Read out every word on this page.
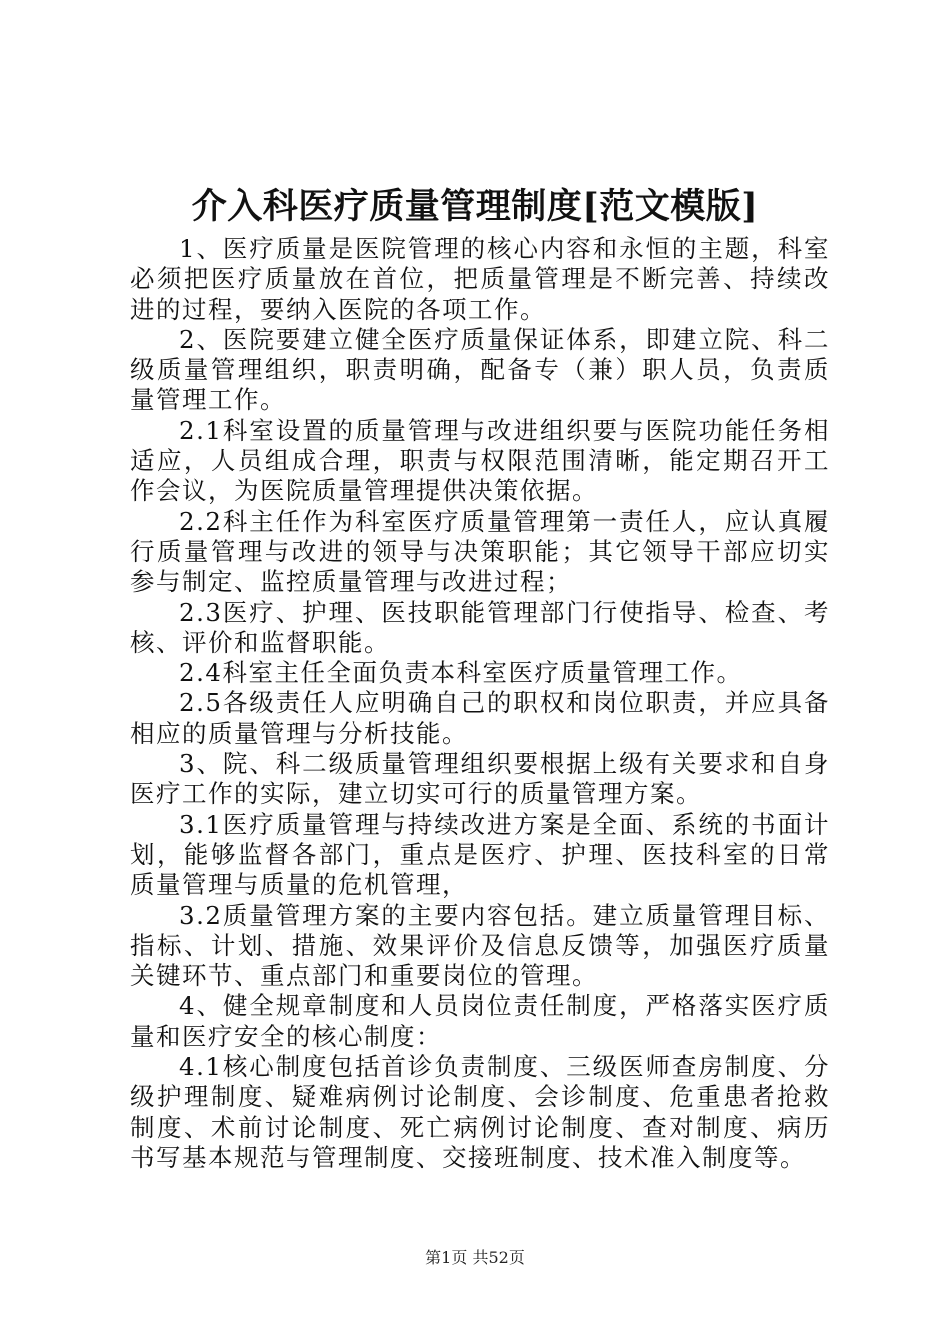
介入科医疗质量管理制度[范文模版]

1、医疗质量是医院管理的核心内容和永恒的主题，科室必须把医疗质量放在首位，把质量管理是不断完善、持续改进的过程，要纳入医院的各项工作。

2、医院要建立健全医疗质量保证体系，即建立院、科二级质量管理组织，职责明确，配备专（兼）职人员，负责质量管理工作。

2.1科室设置的质量管理与改进组织要与医院功能任务相适应，人员组成合理，职责与权限范围清晰，能定期召开工作会议，为医院质量管理提供决策依据。

2.2科主任作为科室医疗质量管理第一责任人，应认真履行质量管理与改进的领导与决策职能；其它领导干部应切实参与制定、监控质量管理与改进过程；

2.3医疗、护理、医技职能管理部门行使指导、检查、考核、评价和监督职能。

2.4科室主任全面负责本科室医疗质量管理工作。

2.5各级责任人应明确自己的职权和岗位职责，并应具备相应的质量管理与分析技能。

3、院、科二级质量管理组织要根据上级有关要求和自身医疗工作的实际，建立切实可行的质量管理方案。

3.1医疗质量管理与持续改进方案是全面、系统的书面计划，能够监督各部门，重点是医疗、护理、医技科室的日常质量管理与质量的危机管理，

3.2质量管理方案的主要内容包括。建立质量管理目标、指标、计划、措施、效果评价及信息反馈等，加强医疗质量关键环节、重点部门和重要岗位的管理。

4、健全规章制度和人员岗位责任制度，严格落实医疗质量和医疗安全的核心制度：

4.1核心制度包括首诊负责制度、三级医师查房制度、分级护理制度、疑难病例讨论制度、会诊制度、危重患者抢救制度、术前讨论制度、死亡病例讨论制度、查对制度、病历书写基本规范与管理制度、交接班制度、技术准入制度等。

第1页 共52页
